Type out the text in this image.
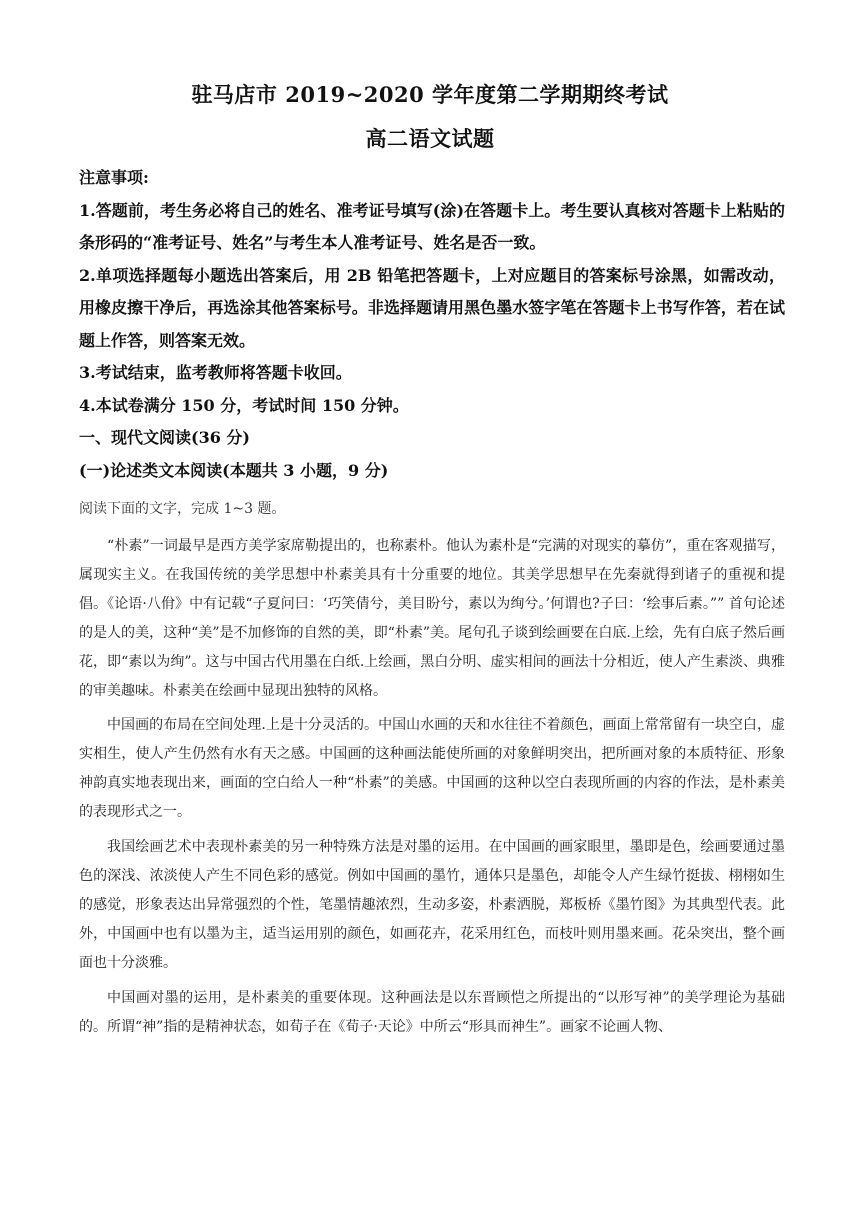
驻马店市 2019~2020 学年度第二学期期终考试
高二语文试题

注意事项:

1.答题前，考生务必将自己的姓名、准考证号填写(涂)在答题卡上。考生要认真核对答题卡上粘贴的条形码的“准考证号、姓名”与考生本人准考证号、姓名是否一致。

2.单项选择题每小题选出答案后，用 2B 铅笔把答题卡，上对应题目的答案标号涂黑，如需改动，用橡皮擦干净后，再选涂其他答案标号。非选择题请用黑色墨水签字笔在答题卡上书写作答，若在试题上作答，则答案无效。

3.考试结束，监考教师将答题卡收回。

4.本试卷满分 150 分，考试时间 150 分钟。

一、现代文阅读(36 分)

(一)论述类文本阅读(本题共 3 小题，9 分)

阅读下面的文字，完成 1~3 题。

“朴素”一词最早是西方美学家席勒提出的，也称素朴。他认为素朴是“完满的对现实的摹仿”，重在客观描写，属现实主义。在我国传统的美学思想中朴素美具有十分重要的地位。其美学思想早在先秦就得到诸子的重视和提倡。《论语·八佾》中有记载“子夏问曰：‘巧笑倩兮，美目盼兮，素以为绚兮。’何谓也?子曰：‘绘事后素。”” 首句论述的是人的美，这种“美”是不加修饰的自然的美，即“朴素”美。尾句孔子谈到绘画要在白底.上绘，先有白底子然后画花，即“素以为绚”。这与中国古代用墨在白纸.上绘画，黑白分明、虚实相间的画法十分相近，使人产生素淡、典雅的审美趣味。朴素美在绘画中显现出独特的风格。

中国画的布局在空间处理.上是十分灵活的。中国山水画的天和水往往不着颜色，画面上常常留有一块空白，虚实相生，使人产生仍然有水有天之感。中国画的这种画法能使所画的对象鲜明突出，把所画对象的本质特征、形象神韵真实地表现出来，画面的空白给人一种“朴素”的美感。中国画的这种以空白表现所画的内容的作法，是朴素美的表现形式之一。

我国绘画艺术中表现朴素美的另一种特殊方法是对墨的运用。在中国画的画家眼里，墨即是色，绘画要通过墨色的深浅、浓淡使人产生不同色彩的感觉。例如中国画的墨竹，通体只是墨色，却能令人产生绿竹挺拔、栩栩如生的感觉，形象表达出异常强烈的个性，笔墨情趣浓烈，生动多姿，朴素洒脱，郑板桥《墨竹图》为其典型代表。此外，中国画中也有以墨为主，适当运用别的颜色，如画花卉，花采用红色，而枝叶则用墨来画。花朵突出，整个画面也十分淡雅。

中国画对墨的运用，是朴素美的重要体现。这种画法是以东晋顾恺之所提出的“以形写神”的美学理论为基础的。所谓“神”指的是精神状态，如荀子在《荀子·天论》中所云“形具而神生”。画家不论画人物、
